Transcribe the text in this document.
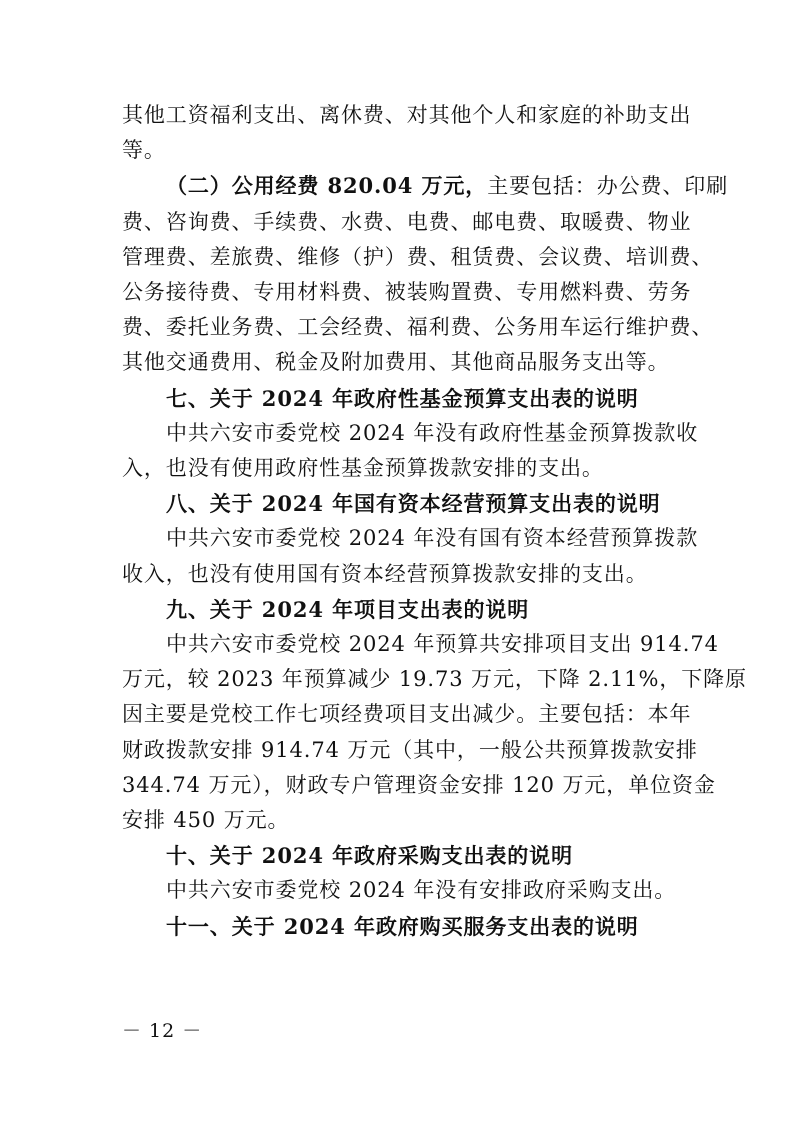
其他工资福利支出、离休费、对其他个人和家庭的补助支出
等。

（二）公用经费 820.04 万元，主要包括：办公费、印刷
费、咨询费、手续费、水费、电费、邮电费、取暖费、物业
管理费、差旅费、维修（护）费、租赁费、会议费、培训费、
公务接待费、专用材料费、被装购置费、专用燃料费、劳务
费、委托业务费、工会经费、福利费、公务用车运行维护费、
其他交通费用、税金及附加费用、其他商品服务支出等。

七、关于 2024 年政府性基金预算支出表的说明

中共六安市委党校 2024 年没有政府性基金预算拨款收
入，也没有使用政府性基金预算拨款安排的支出。

八、关于 2024 年国有资本经营预算支出表的说明

中共六安市委党校 2024 年没有国有资本经营预算拨款
收入，也没有使用国有资本经营预算拨款安排的支出。

九、关于 2024 年项目支出表的说明

中共六安市委党校 2024 年预算共安排项目支出 914.74
万元，较 2023 年预算减少 19.73 万元，下降 2.11%，下降原
因主要是党校工作七项经费项目支出减少。主要包括：本年
财政拨款安排 914.74 万元（其中，一般公共预算拨款安排
344.74 万元），财政专户管理资金安排 120 万元，单位资金
安排 450 万元。

十、关于 2024 年政府采购支出表的说明

中共六安市委党校 2024 年没有安排政府采购支出。

十一、关于 2024 年政府购买服务支出表的说明

－ 12 －
